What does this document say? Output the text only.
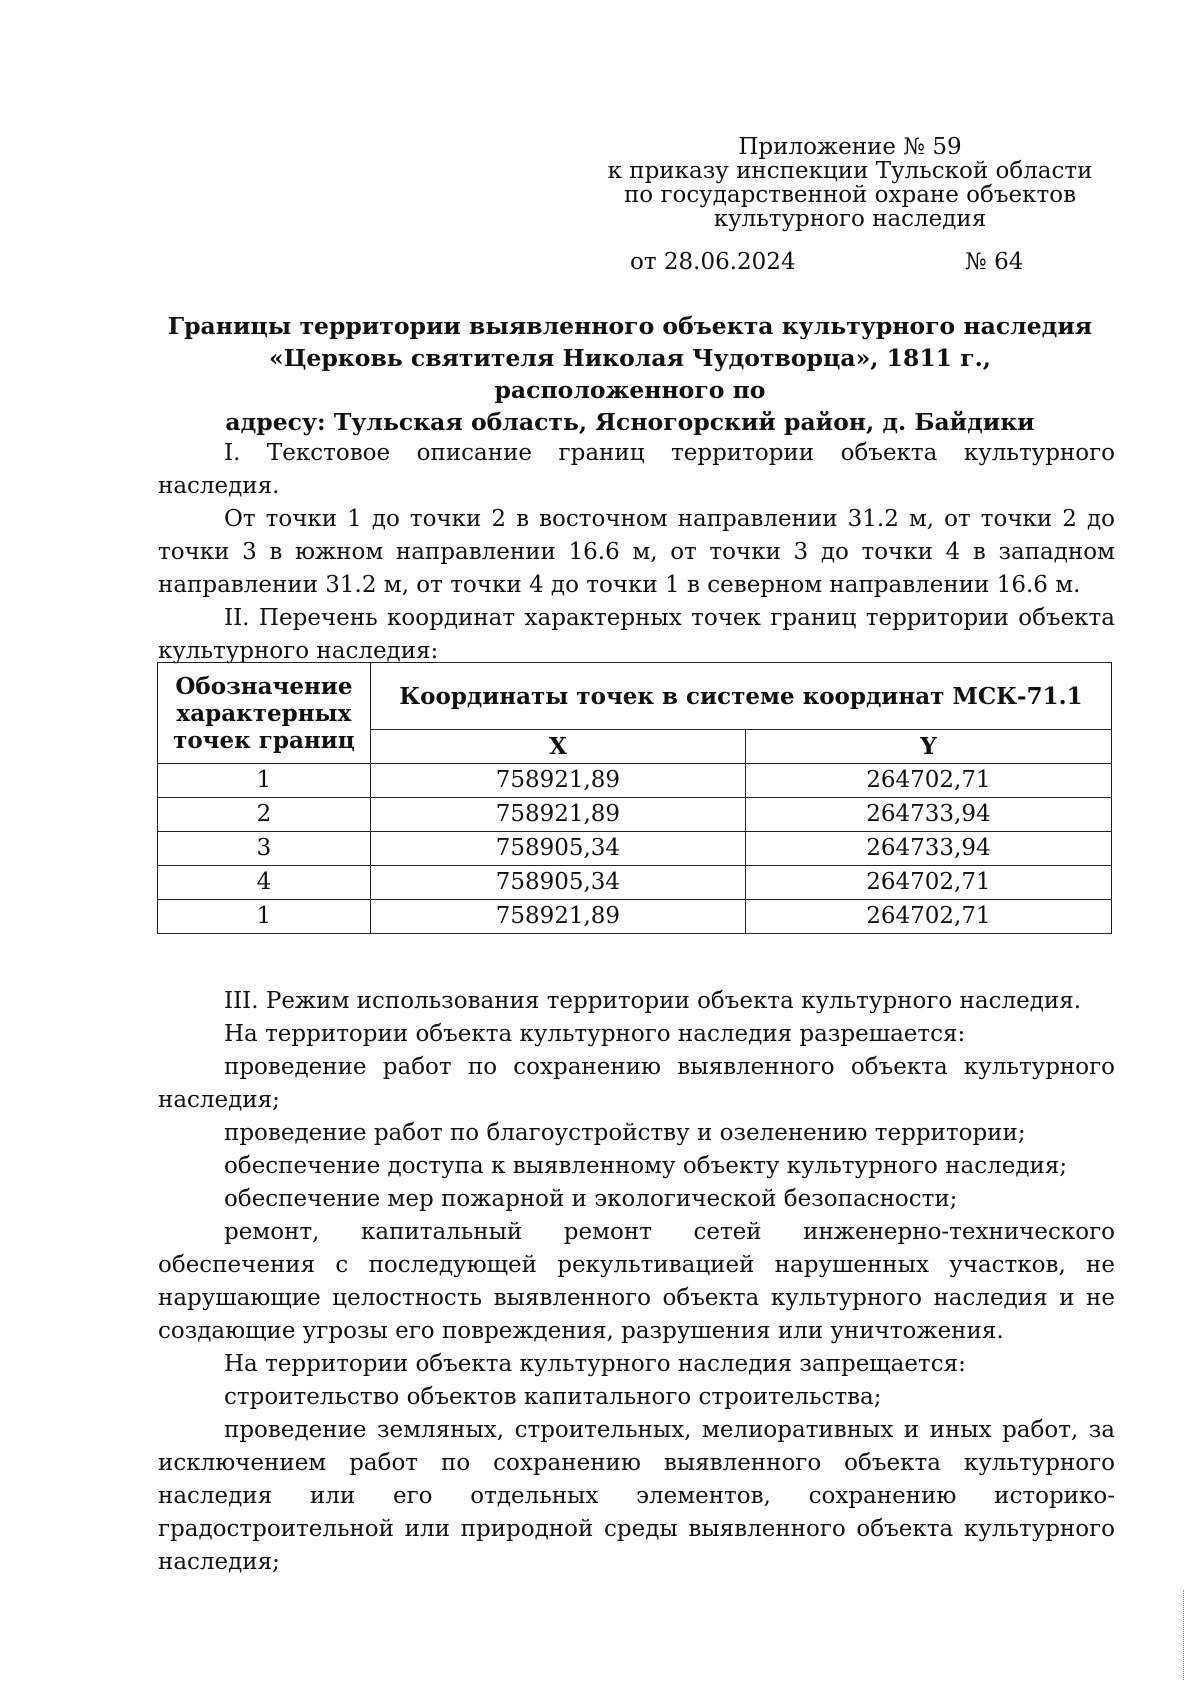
Приложение № 59
к приказу инспекции Тульской области
по государственной охране объектов
культурного наследия
от 28.06.2024	№ 64
Границы территории выявленного объекта культурного наследия
«Церковь святителя Николая Чудотворца», 1811 г., расположенного по
адресу: Тульская область, Ясногорский район, д. Байдики

I. Текстовое описание границ территории объекта культурного наследия.

От точки 1 до точки 2 в восточном направлении 31.2 м, от точки 2 до точки 3 в южном направлении 16.6 м, от точки 3 до точки 4 в западном направлении 31.2 м, от точки 4 до точки 1 в северном направлении 16.6 м.

II. Перечень координат характерных точек границ территории объекта культурного наследия:

Обозначение характерных точек границ	Координаты точек в системе координат МСК-71.1	
	X	Y
1	758921,89	264702,71
2	758921,89	264733,94
3	758905,34	264733,94
4	758905,34	264702,71
1	758921,89	264702,71

III. Режим использования территории объекта культурного наследия.

На территории объекта культурного наследия разрешается:

проведение работ по сохранению выявленного объекта культурного наследия;

проведение работ по благоустройству и озеленению территории;

обеспечение доступа к выявленному объекту культурного наследия;

обеспечение мер пожарной и экологической безопасности;

ремонт, капитальный ремонт сетей инженерно-технического обеспечения с последующей рекультивацией нарушенных участков, не нарушающие целостность выявленного объекта культурного наследия и не создающие угрозы его повреждения, разрушения или уничтожения.

На территории объекта культурного наследия запрещается:

строительство объектов капитального строительства;

проведение земляных, строительных, мелиоративных и иных работ, за исключением работ по сохранению выявленного объекта культурного наследия или его отдельных элементов, сохранению историко-градостроительной или природной среды выявленного объекта культурного наследия;
